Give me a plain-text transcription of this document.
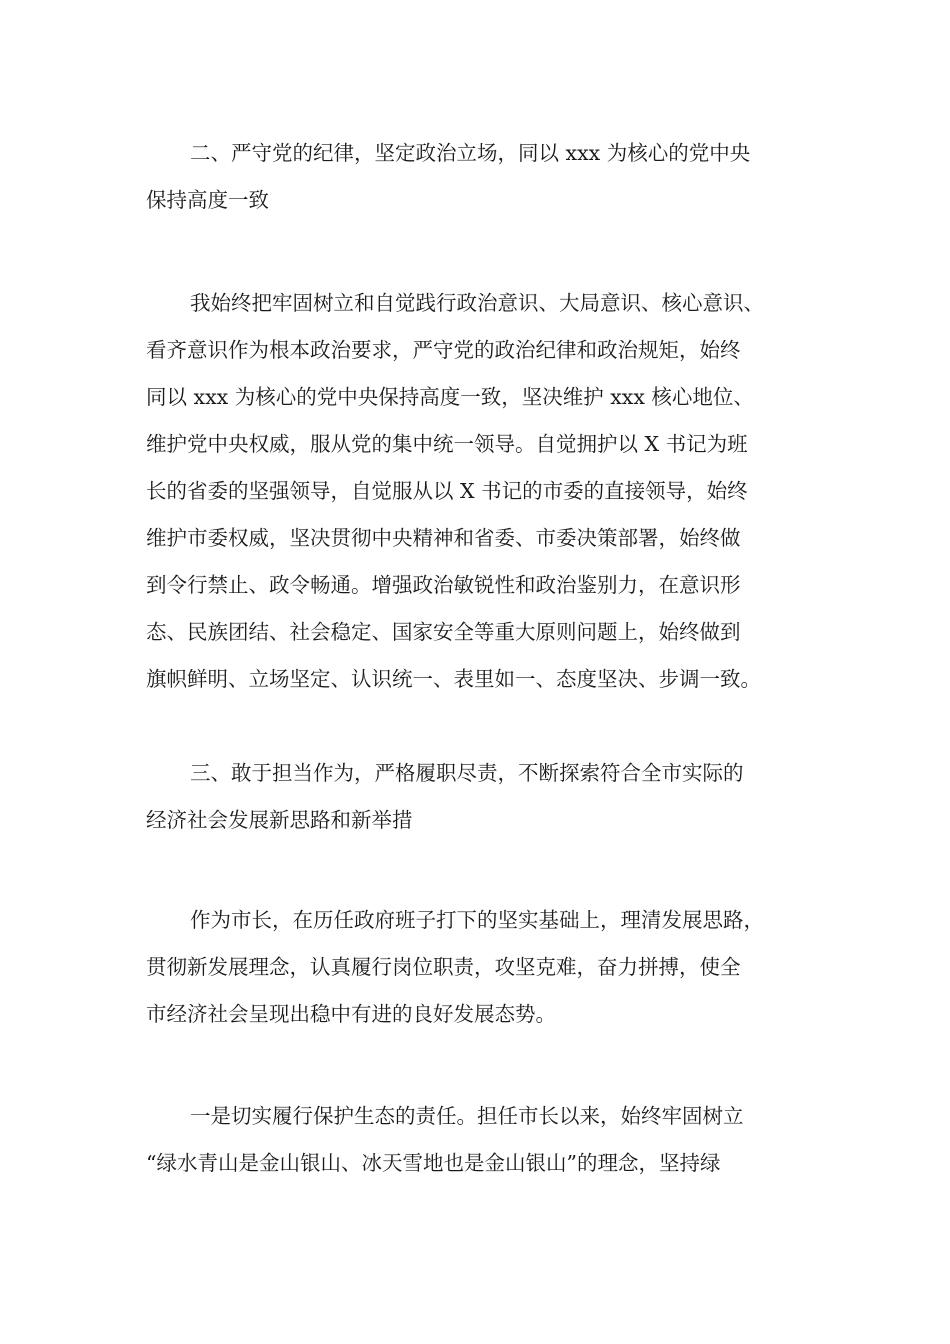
二、严守党的纪律，坚定政治立场，同以 xxx 为核心的党中央
保持高度一致
我始终把牢固树立和自觉践行政治意识、大局意识、核心意识、
看齐意识作为根本政治要求，严守党的政治纪律和政治规矩，始终
同以 xxx 为核心的党中央保持高度一致，坚决维护 xxx 核心地位、
维护党中央权威，服从党的集中统一领导。自觉拥护以 X 书记为班
长的省委的坚强领导，自觉服从以 X 书记的市委的直接领导，始终
维护市委权威，坚决贯彻中央精神和省委、市委决策部署，始终做
到令行禁止、政令畅通。增强政治敏锐性和政治鉴别力，在意识形
态、民族团结、社会稳定、国家安全等重大原则问题上，始终做到
旗帜鲜明、立场坚定、认识统一、表里如一、态度坚决、步调一致。
三、敢于担当作为，严格履职尽责，不断探索符合全市实际的
经济社会发展新思路和新举措
作为市长，在历任政府班子打下的坚实基础上，理清发展思路，
贯彻新发展理念，认真履行岗位职责，攻坚克难，奋力拼搏，使全
市经济社会呈现出稳中有进的良好发展态势。
一是切实履行保护生态的责任。担任市长以来，始终牢固树立
“绿水青山是金山银山、冰天雪地也是金山银山”的理念，坚持绿
